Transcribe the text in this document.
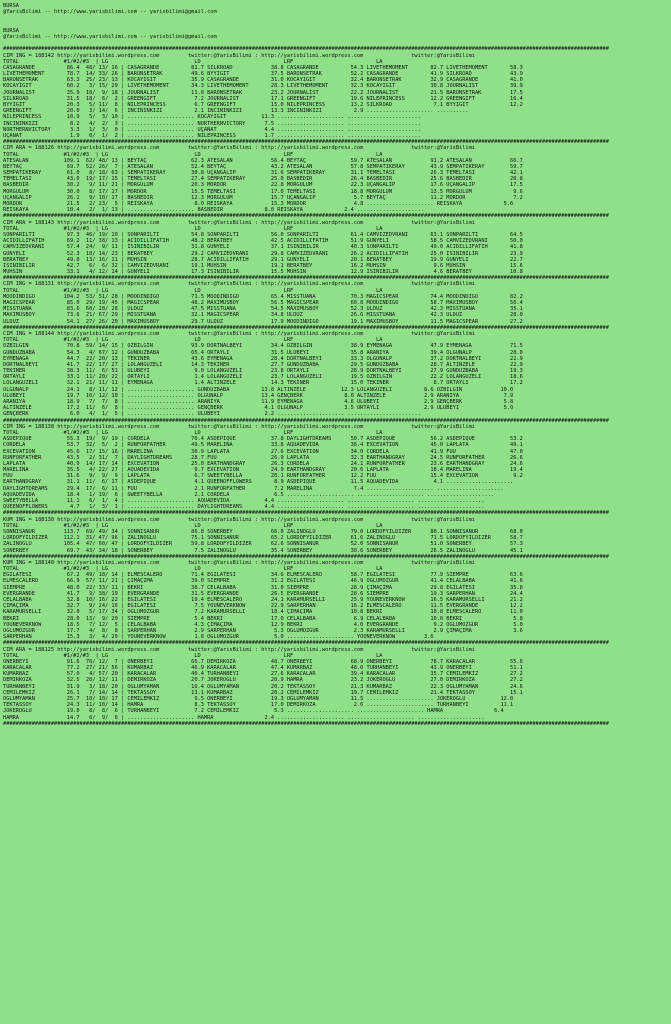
BURSA
@YarisBilimi -- http://www.yarisbilimi.com -- yarisbilimi@gmail.com
BURSA
@YarisBilimi -- http://www.yarisbilimi.com -- yarisbilimi@gmail.com
##############################################################################################################################################################################################
CIM ING = 188142 http://yarisbilimi.wordpress.com         twitter:@YarisBilimi : http://yarisbilimi.wordpress.com               twitter:@YarisBilimi
TOTAL              #1/#2/#3  | LG                           LD                          LRF                          LA
CASAGRANDE          86.4  48/ 13/ 16 | CASAGRANDE          81.7 SILKROAD            38.8 CASAGRANDE          54.3 LIVETHEMOMENT       82.7 LIVETHEMOMENT       58.3
LIVETHEMOMENT       78.7  14/ 33/ 26 | BARONSETRAK         49.6 BYYIGIT             37.5 BARONSETRAK         52.2 CASAGRANDE          41.9 SILKROAD            43.9
BARONSETRAK         63.3  25/ 23/ 13 | KOCAYIGIT           35.9 CASAGRANDE          31.0 KOCAYIGIT           32.4 BARONSETRAK         32.9 CASAGRANDE          41.0
KOCAYIGIT           60.2   3/ 15/ 29 | LIVETHEMOMENT       34.3 LIVETHEMOMENT       28.3 LIVETHEMOMENT       32.3 KOCAYIGIT           30.8 JOURNALIST          39.9
JOURNALIST          35.9  10/  9/ 18 | JOURNALIST          11.8 BARONSETRAK         23.2 JOURNALIST          22.2 JOURNALIST          21.5 BARONSETRAK         17.5
SILKROAD            31.5  18/  6/  2 | GREENGIFT            7.2 JOURNALIST          17.1 GREENGIFT           19.6 NILEPRINCESS        12.2 GREENGIFT           16.4
BYYIGIT             20.3   5/ 11/  8 | NILEPRINCESS         6.7 GREENGIFT           15.0 NILEPRINCESS        13.2 SILKROAD             7.1 BYYIGIT             12.2
GREENGIFT           20.0   3/ 14/  6 | INCININKIZI          2.1 INCININKIZI         13.3 INCININKIZI          2.9 ..................... ..........
NILEPRINCESS        10.9   5/  3/ 10 | ..................... KOCAYIGIT           11.3 ..................... .......................
INCININKIZI          8.2   4/  2/  3 | ..................... NORTHERNVICTORY      7.5 ..................... .......................
NORTHERNVICTORY      3.3   1/  3/  0 | ..................... UÇANAT               4.4 ..................... .......................
UÇANAT               1.9   0/  1/  2 | ..................... NILEPRINCESS         1.7 ..................... .......................
##############################################################################################################################################################################################
CIM ARA = 188126 http://yarisbilimi.wordpress.com         twitter:@YarisBilimi : http://yarisbilimi.wordpress.com               twitter:@YarisBilimi
TOTAL              #1/#2/#3  | LG                           LD                          LRF                          LA
ATESALAN           109.1  62/ 48/ 13 | BEYTAÇ              62.3 ATESALAN            56.4 BEYTAÇ              59.7 ATESALAN            91.2 ATESALAN            66.7
BEYTAÇ              69.7  52/ 26/  7 | ATESALAN            52.4 BEYTAÇ              43.2 ATESALAN            57.8 SEMPATIKERAY        43.9 SEMPATIKERAY        59.7
SEMPATIKERAY        61.0   8/ 18/ 63 | SEMPATIKERAY        30.8 UÇANGALIP           31.6 SEMPATIKERAY        31.1 TEMELTASI           26.3 TEMELTASI           42.1
TEMELTASI           43.0  19/ 17/ 15 | TEMELTASI           27.4 SEMPATIKERAY        25.0 BASBEDIR            26.4 BASBEDIR            25.6 BASBEDIR            20.8
BASBEDIR            30.2   9/ 11/ 21 | MORGÜLÜM            20.3 MORDOR              22.8 MORGÜLÜM            22.3 UÇANGALIP           17.6 UÇANGALIP           17.5
MORGÜLÜM            30.0   8/ 17/ 17 | MORDOR              15.5 TEMELTASI           17.0 TEMELTASI           18.8 MORGÜLÜM            13.5 MORGÜLÜM             9.6
UÇANGALIP           26.1   9/ 10/ 17 | BASBEDIR            12.3 MORGÜLÜM            15.7 UÇANGALIP            5.7 BEYTAÇ              11.2 MORDOR               7.2
MORDOR              21.5   2/ 23/  5 | REISKAYA             8.0 REISKAYA            15.3 MORDOR               4.8 ..................... REISKAYA             5.6
REISKAYA            10.4   2/  1/ 13 | ..................... BASBEDIR             8.0 REISKAYA             2.4 .....................
##############################################################################################################################################################################################
CIM ARA = 188143 http://yarisbilimi.wordpress.com         twitter:@YarisBilimi : http://yarisbilimi.wordpress.com               twitter:@YarisBilimi
TOTAL              #1/#2/#3  | LG                           LD                          LRF                          LA
SONPARILTI          97.3  46/ 19/ 10 | SONPARILTI          54.8 SONPARILTI          56.0 SONPARILTI          61.4 CAMVIZEDVRANI       63.1 SONPARILTI          64.5
ACIDILLIFATIH       69.2  11/ 38/ 13 | ACIDILLIFATIH       48.2 BERATBEY            42.5 ACIDILLIFATIH       51.9 GÜNYELI             58.5 CAMVIZEDVRANI       50.0
CAMVIZEDVRANI       57.4  24/  9/ 11 | ISINIBILIR          31.8 GÜNYELI             37.1 ISINIBILIR          40.3 SONPARILTI          49.0 ACIDILLIFATIH       41.8
GÜNYELI             52.3  10/ 14/ 23 | BERATBEY            29.2 CAMVIZEDVRANI       29.8 CAMVIZEDVRANI       26.2 ACIDILLIFATIH       25.0 ISINIBILIR          23.9
BERATBEY            49.0  13/ 16/ 11 | MUHSIN              28.7 ACIDILLIFATIH       29.1 GÜNYELI             20.1 BERATBEY            19.9 GÜNYELI             22.7
ISINIBILIR          42.7   6/  6/ 32 | CAMVIZEDVRANI       19.1 MUHSIN              19.1 BERATBEY            16.2 MUHSIN               9.6 MUHSIN              15.6
MUHSIN              33.1   4/ 12/ 14 | GÜNYELI             17.3 ISINIBILIR          15.5 MUHSIN              12.9 ISINIBILIR           4.6 BERATBEY            10.8
##############################################################################################################################################################################################
CIM ING = 188131 http://yarisbilimi.wordpress.com         twitter:@YarisBilimi : http://yarisbilimi.wordpress.com               twitter:@YarisBilimi
TOTAL              #1/#2/#3  | LG                           LD                          LRF                          LA
MOODINDIGO         104.2  53/ 51/ 28 | MOODINDIGO          71.5 MOODINDIGO          65.4 MISSTUANA           70.3 MAGICSPEAR          74.4 MOODINDIGO          82.2
MAGICSPEAR          85.0  29/ 19/ 45 | MAGICSPEAR          48.2 MAXIMUSBOY          56.5 MAGICSPEAR          60.8 MOODINDIGO          58.7 MAXIMUSBOY          56.4
MISSTUANA           83.6  60/ 28/ 28 | ULDUZ               47.5 MISSTUANA           54.5 MAXIMUSBOY          52.3 ULDUZ               42.3 MISSTUANA           35.1
MAXIMUSBOY          73.6  21/ 67/ 29 | MISSTUANA           32.1 MAGICSPEAR          34.8 ULDUZ               26.6 MISSTUANA           42.3 ULDUZ               28.0
ULDUZ               54.1  27/ 26/ 20 | MAXIMUSBOY          29.7 ULDUZ               17.9 MOODINDIGO          19.1 MAXIMUSBOY          11.5 MAGICSPEAR          27.2
##############################################################################################################################################################################################
CIM ING = 188144 http://yarisbilimi.wordpress.com         twitter:@YarisBilimi : http://yarisbilimi.wordpress.com               twitter:@YarisBilimi
TOTAL              #1/#2/#3  | LG                           LD                          LRF                          LA
ÖZBILGIN            70.8  59/ 14/ 15 | ÖZBILGIN            93.9 DÖRTNALBEYI         34.4 ÖZBILGIN            38.9 EYMENAGA            47.9 EYMENAGA            71.5
GÜNDÜZBABA          54.3   4/ 67/ 12 | GÜNDÜZBABA          65.4 ORTAYLI             31.5 ULUBEYI             35.8 ARANIYA             39.4 OLGUNALP            28.0
EYMENAGA            44.7  22/ 20/ 13 | TEKINER             43.6 EYMENAGA            28.4 DÖRTNALBEYI         33.3 OLGUNALP            37.2 DÖRTNALBEYI         22.9
DÖRTNALBEYI         41.7  22/ 17/ 27 | LOLANGÜZELI         14.3 TEKINER             27.7 GÜNDÜZBABA          29.5 GÜNDÜZBABA          28.7 ALTINZELE           22.9
TEKINER             38.3  11/  6/ 51 | ULUBEYI              9.0 LOLANGÜZELI         23.8 ORTAYLI             28.9 DÖRTNALBEYI         27.9 GÜNDÜZBABA          19.3
ORTAYLI             33.1  11/ 20/ 22 | ORTAYLI              1.4 LOLANGÜZELI         23.7 LOLANGÜZELI         19.5 ÖZBILGIN            22.2 LOLANGÜZELI         18.6
LOLANGÜZELI         32.1  21/ 11/ 11 | EYMENAGA             1.4 ALTINZELE           14.3 TEKINER             15.0 TEKINER              8.7 ORTAYLI             17.2
OLGUNALP            24.1   8/ 11/ 12 | ..................... GÜNDÜZBABA          13.8 ALTINZELE           12.3 LOLANGÜZELI          8.6 ÖZBILGIN            10.0
ULUBEYI             19.7  10/ 12/ 10 | ..................... OLGUNALP            13.4 GENÇBERK             8.0 ALTINZELE            2.9 ARANIYA              7.9
ARANIYA             18.9   7/  7/  8 | ..................... ARANIYA             11.9 EYMENAGA             4.6 ULUBEYI              2.9 GENÇBERK             5.8
ALTINZELE           17.2  11/  6/  8 | ..................... GENÇBERK             4.1 OLGUNALP             3.5 ORTAYLI              2.9 ULUBEYI              5.0
GENÇBERK             6.0   4/  1/  5 | ..................... ULUBEYI              2.2 ..................... .......................
##############################################################################################################################################################################################
CIM ING = 188138 http://yarisbilimi.wordpress.com         twitter:@YarisBilimi : http://yarisbilimi.wordpress.com               twitter:@YarisBilimi
TOTAL              #1/#2/#3  | LG                           LD                          LRF                          LA
ASDEPIQUE           55.3  19/  9/ 19 | CORDELA             70.4 ASDEPIQUE           37.8 DAYLIGHTDREAMS      50.7 ASDEPIQUE           56.2 ASDEPIQUE           53.2
CORDELA             53.7  32/  5/  2 | RUNFORFATHER        49.5 MARELINA            33.8 AQUADEVIDA          36.4 EXCEVATION          45.0 LAPLATA             49.1
EXCEVATION          45.6  17/ 15/ 16 | MARELINA            30.9 LAPLATA             27.6 EXCEVATION          34.0 CORDELA             41.9 FUU                 47.0
RUNFORFATHER        43.5   2/ 31/  7 | DAYLIGHTDREAMS      28.7 FUU                 26.9 LAPLATA             32.3 EARTHANDGRAY        24.5 RUNFORFATHER        26.6
LAPLATA             40.9  14/ 17/ 14 | EXCEVATION          25.0 EARTHANDGRAY        26.3 CORDELA             24.1 RUNFORFATHER        23.6 EARTHANDGRAY        24.6
MARELINA            35.5   4/ 22/ 27 | AQUADEVIDA           9.7 EXCEVATION          24.9 EARTHANDGRAY        20.6 LAPLATA             18.4 MARELINA            19.4
FUU                 31.6   9/  9/  9 | LAPLATA              6.7 SWEETYBELLA         20.1 RUNFORFATHER        12.2 FUU                 15.4 EXCEVATION           9.2
EARTHANDGRAY        31.1  11/  6/ 17 | ASDEPIQUE            4.1 QUEENOFFLOWERS       8.9 ASDEPIQUE           11.5 AQUADEVIDA           4.1 .....................
DAYLIGHTDREAMS      29.4  17/  6/ 11 | FUU                  2.1 RUNFORFATHER         7.2 MARELINA             7.4 ..................... .....................
AQUADEVIDA          18.4   1/ 19/  6 | SWEETYBELLA          2.1 CORDELA              6.5 ..................... ..................... .....................
SWEETYBELLA         11.1   6/  1/  4 | ..................... AQUADEVIDA           4.4 ..................... ..................... .....................
QUEENOFFLOWERS       4.7   1/  3/  1 | ..................... DAYLIGHTDREAMS       4.4 ..................... ..................... .....................
##############################################################################################################################################################################################
KUM ING = 188130 http://yarisbilimi.wordpress.com         twitter:@YarisBilimi : http://yarisbilimi.wordpress.com               twitter:@YarisBilimi
TOTAL              #1/#2/#3  | LG                           LD                          LRF                          LA
SONNISANUR         113.7  69/ 49/ 34 | SONNISANUR          86.8 SONERBEY            66.0 ZALINOGLU           79.0 LORDOFYILDIZER      80.1 SONNISANUR          68.0
LORDOFYILDIZER     112.1  31/ 47/ 96 | ZALINOGLU           75.1 SONNISANUR          65.2 LORDOFYILDIZER      61.6 ZALINOGLU           71.5 LORDOFYILDIZER      58.7
ZALINOGLU          105.4  47/ 60/ 47 | LORDOFYILDIZER      59.8 LORDOFYILDIZER      62.6 SONNISANUR          52.0 SONNISANUR          51.0 SONERBEY            57.3
SONERBEY            69.7  43/ 34/ 18 | SONERBEY             7.5 ZALINOGLU           35.4 SONERBEY            30.6 SONERBEY            26.5 ZALINOGLU           45.1
##############################################################################################################################################################################################
KUM ING = 188140 http://yarisbilimi.wordpress.com         twitter:@YarisBilimi : http://yarisbilimi.wordpress.com               twitter:@YarisBilimi
TOTAL              #1/#2/#3  | LG                           LD                          LRF                          LA
EGILATESI           67.2  49/ 18/ 14 | ELMESCALERO         71.4 EGILATESI           34.6 ELMESCALERO         58.7 EGILATESI           77.9 SIEMPRE             63.6
ELMESCALERO         66.9  57/ 11/ 21 | ÇIMAÇIMA            39.0 SIEMPRE             31.2 EGILATESI           46.9 OGLUMOZGÜR          41.4 CELALBABA           41.6
SIEMPRE             48.0  22/ 33/ 11 | BEKRI               38.7 CELALBABA           31.0 SIEMPRE             28.9 ÇIMAÇIMA            29.8 EGILATESI           35.8
EVERGRANDE          41.7   9/ 38/ 19 | EVERGRANDE          31.5 EVERGRANDE          26.5 EVERGRANDE          28.6 SIEMPRE             19.3 SARPERHAN           24.4
CELALBABA           32.8  10/ 16/ 22 | EGILATESI           19.4 ELMESCALERO         24.1 KARAMÜRSELLI        25.9 YOUNEVERKNOW        16.5 KARAMÜRSELLI        21.2
ÇIMAÇIMA            32.7   9/ 24/ 16 | EGILATESI            7.5 YOUNEVERKNOW        22.9 SARPERHAN           16.2 ELMESCALERO         11.5 EVERGRANDE          12.2
KARAMÜRSELLI        32.0   5/ 17/ 34 | OGLUMOZGÜR           7.2 KARAMÜRSELLI        18.4 ÇIMAÇIMA            10.8 BEKRI               10.8 ELMESCALERO         11.0
BEKRI               28.0  13/  9/ 20 | SIEMPRE              5.4 BEKRI               17.0 CELALBABA            6.9 CELALBABA           10.0 BEKRI                5.8
YOUNEVERKNOW        18.5   7/ 12/  5 | CELALBABA            4.3 ÇIMAÇIMA            12.9 BEKRI                4.0 EVERGRANDE           9.2 OGLUMOZGÜR           5.0
OGLUMOZGÜR          17.7   4/  8/  8 | SARPERHAN            2.9 SARPERHAN            5.3 OGLUMOZGÜR           2.3 KARAMÜRSELLI         2.9 ÇIMAÇIMA             3.6
SARPERHAN           15.3   3/  4/ 20 | YOUNEVERKNOW         1.8 OGLUMOZGÜR           5.0 ..................... YOUNEVERKNOW         3.6
##############################################################################################################################################################################################
CIM ARA = 188125 http://yarisbilimi.wordpress.com         twitter:@YarisBilimi : http://yarisbilimi.wordpress.com               twitter:@YarisBilimi
TOTAL              #1/#2/#3  | LG                           LD                          LRF                          LA
ÖNERBEYI            91.6  76/ 12/  7 | ÖNERBEYI            66.7 DEMIRKOZA           48.7 ÖNERBEYI            68.9 ÖNERBEYI            78.7 KARACALAR           55.6
KARACALAR           77.2  27/ 21/ 56 | KUMARBAZ            46.9 KARACALAR           47.4 KUMARBAZ            48.0 TURHANBEYI          43.9 ÖNERBEYI            51.1
KUMARBAZ            57.0   4/ 57/ 20 | KARACALAR           40.4 TURHANBEYI          27.6 KARACALAR           39.4 KARACALAR           35.7 CEMILEMKIZ          27.2
DEMIRKOZA           32.5  20/ 12/ 11 | DEMIRKOZA           20.7 JOKEROGLU           20.9 HAMRA               23.2 JOKEROGLU           27.0 DEMIRKOZA           27.2
TURHANBEYI          31.9   3/ 18/ 20 | OGLUMYAMAN          16.4 OGLUMYAMAN          20.2 TEKTASSOY           21.3 KUMARBAZ            22.3 OGLUMYAMAN          24.6
CEMILEMKIZ          26.1   7/ 14/ 14 | TEKTASSOY           13.1 KUMARBAZ            20.2 CEMILEMKIZ          19.7 CEMILEMKIZ          21.4 TEKTASSOY           15.1
OGLUMYAMAN          25.7  10/ 10/ 17 | CEMILEMKIZ           9.5 ÖNERBEYI            19.3 OGLUMYAMAN          11.5 ..................... JOKEROGLU           12.0
TEKTASSOY           24.3  11/ 10/ 14 | HAMRA                8.3 TEKTASSOY           17.0 DEMIRKOZA            2.6 ..................... TURHANBEYI          11.1
JOKEROGLU           19.0   8/  8/  6 | TURHANBEYI           7.2 CEMILEMKIZ           5.3 ..................... ..................... HAMRA                6.4
HAMRA               14.7   6/  9/  6 | ..................... HAMRA                2.4 ..................... ..................... .....................
##############################################################################################################################################################################################
